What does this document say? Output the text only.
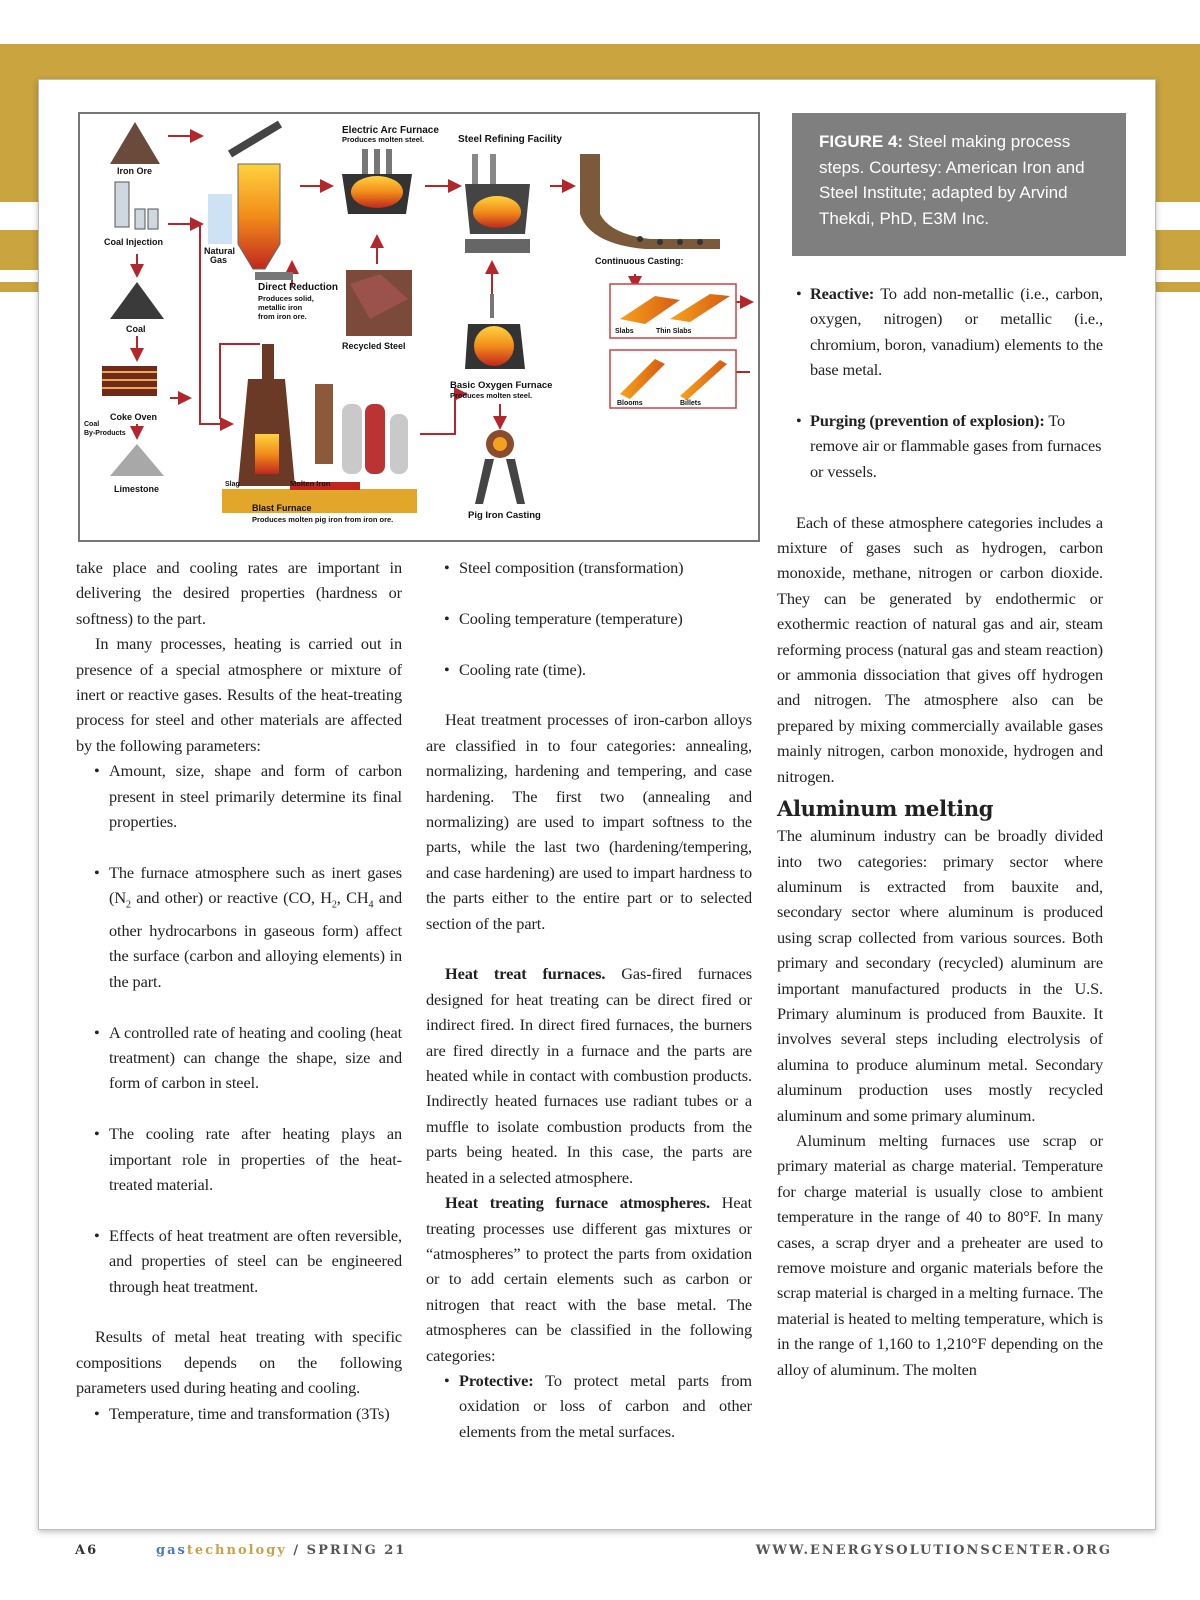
Iron Ore
Coal Injection
Natural
Gas
Direct Reduction
Produces solid,
metallic iron
from iron ore.
Electric Arc Furnace
Produces molten steel.
Recycled Steel
Steel Refining Facility
Continuous Casting:
Slabs	Thin Slabs
Blooms	Billets
Coal
Basic Oxygen Furnace
Produces molten steel.
Coke Oven
Coal
By-Products
Limestone	Slag	Molten Iron
Blast Furnace
Produces molten pig iron from iron ore.	Pig Iron Casting
FIGURE 4: Steel making process steps. Courtesy: American Iron and Steel Institute; adapted by Arvind Thekdi, PhD, E3M Inc.

take place and cooling rates are important in delivering the desired properties (hardness or softness) to the part.

In many processes, heating is carried out in presence of a special atmosphere or mixture of inert or reactive gases. Results of the heat-treating process for steel and other materials are affected by the following parameters:

• Amount, size, shape and form of carbon present in steel primarily determine its final properties.
• The furnace atmosphere such as inert gases ($N_2$ and other) or reactive (CO, $H_2$, $CH_4$ and other hydrocarbons in gaseous form) affect the surface (carbon and alloying elements) in the part.
• A controlled rate of heating and cooling (heat treatment) can change the shape, size and form of carbon in steel.
• The cooling rate after heating plays an important role in properties of the heat-treated material.
• Effects of heat treatment are often reversible, and properties of steel can be engineered through heat treatment.

Results of metal heat treating with specific compositions depends on the following parameters used during heating and cooling.

• Temperature, time and transformation (3Ts)
• Steel composition (transformation)
• Cooling temperature (temperature)
• Cooling rate (time).

Heat treatment processes of iron-carbon alloys are classified in to four categories: annealing, normalizing, hardening and tempering, and case hardening. The first two (annealing and normalizing) are used to impart softness to the parts, while the last two (hardening/tempering, and case hardening) are used to impart hardness to the parts either to the entire part or to selected section of the part.

Heat treat furnaces. Gas-fired furnaces designed for heat treating can be direct fired or indirect fired. In direct fired furnaces, the burners are fired directly in a furnace and the parts are heated while in contact with combustion products. Indirectly heated furnaces use radiant tubes or a muffle to isolate combustion products from the parts being heated. In this case, the parts are heated in a selected atmosphere.

Heat treating furnace atmospheres. Heat treating processes use different gas mixtures or “atmospheres” to protect the parts from oxidation or to add certain elements such as carbon or nitrogen that react with the base metal. The atmospheres can be classified in the following categories:

• Protective: To protect metal parts from oxidation or loss of carbon and other elements from the metal surfaces.
• Reactive: To add non-metallic (i.e., carbon, oxygen, nitrogen) or metallic (i.e., chromium, boron, vanadium) elements to the base metal.
• Purging (prevention of explosion): To remove air or flammable gases from furnaces or vessels.

Each of these atmosphere categories includes a mixture of gases such as hydrogen, carbon monoxide, methane, nitrogen or carbon dioxide. They can be generated by endothermic or exothermic reaction of natural gas and air, steam reforming process (natural gas and steam reaction) or ammonia dissociation that gives off hydrogen and nitrogen. The atmosphere also can be prepared by mixing commercially available gases mainly nitrogen, carbon monoxide, hydrogen and nitrogen.

Aluminum melting

The aluminum industry can be broadly divided into two categories: primary sector where aluminum is extracted from bauxite and, secondary sector where aluminum is produced using scrap collected from various sources. Both primary and secondary (recycled) aluminum are important manufactured products in the U.S. Primary aluminum is produced from Bauxite. It involves several steps including electrolysis of alumina to produce aluminum metal. Secondary aluminum production uses mostly recycled aluminum and some primary aluminum.

Aluminum melting furnaces use scrap or primary material as charge material. Temperature for charge material is usually close to ambient temperature in the range of 40 to 80°F. In many cases, a scrap dryer and a preheater are used to remove moisture and organic materials before the scrap material is charged in a melting furnace. The material is heated to melting temperature, which is in the range of 1,160 to 1,210°F depending on the alloy of aluminum. The molten

A6	gastechnology / SPRING 21	WWW.ENERGYSOLUTIONSCENTER.ORG
